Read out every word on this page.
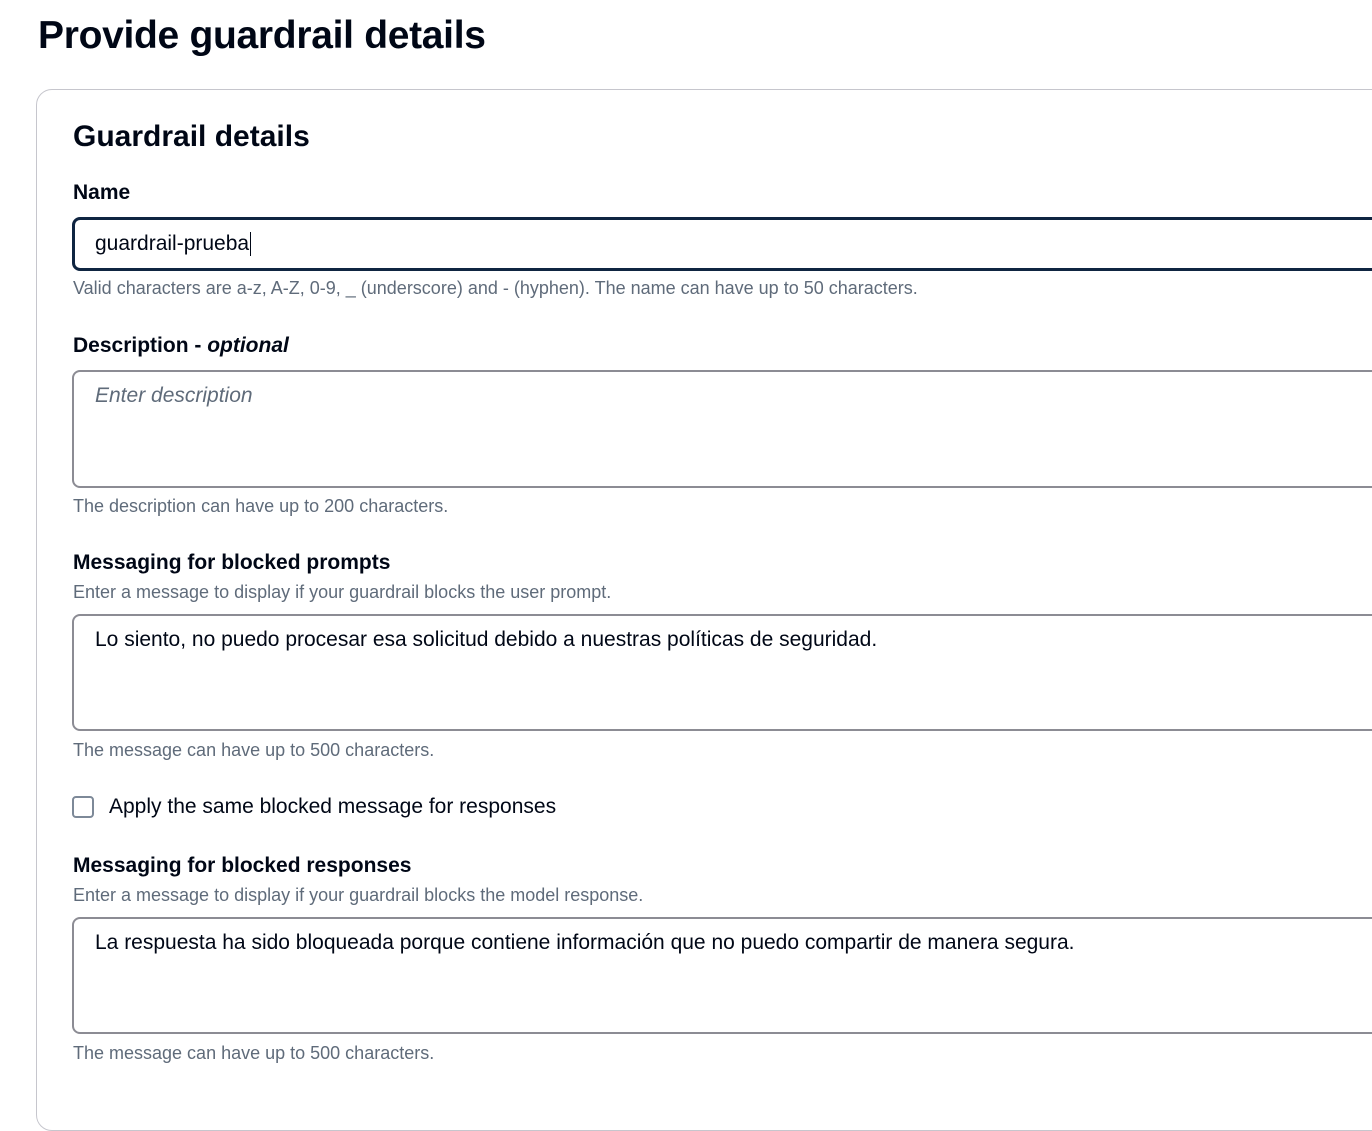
Provide guardrail details
Guardrail details
Name
guardrail-prueba
Valid characters are a-z, A-Z, 0-9, _ (underscore) and - (hyphen). The name can have up to 50 characters.
Description - optional
Enter description
The description can have up to 200 characters.
Messaging for blocked prompts
Enter a message to display if your guardrail blocks the user prompt.
Lo siento, no puedo procesar esa solicitud debido a nuestras políticas de seguridad.
The message can have up to 500 characters.
Apply the same blocked message for responses
Messaging for blocked responses
Enter a message to display if your guardrail blocks the model response.
La respuesta ha sido bloqueada porque contiene información que no puedo compartir de manera segura.
The message can have up to 500 characters.
